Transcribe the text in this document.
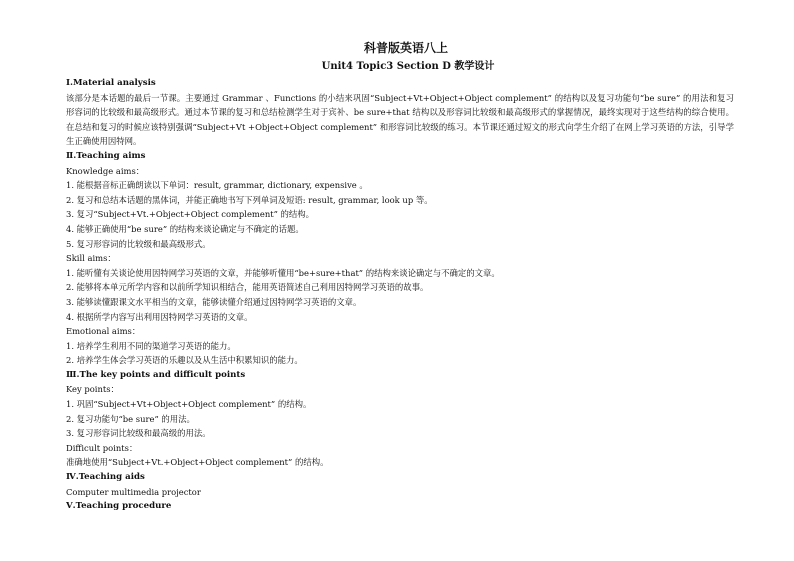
科普版英语八上
Unit4 Topic3 Section D 教学设计
Ⅰ.Material analysis
该部分是本话题的最后一节课。主要通过 Grammar 、Functions 的小结来巩固“Subject+Vt+Object+Object complement” 的结构以及复习功能句“be sure” 的用法和复习形容词的比较级和最高级形式。通过本节课的复习和总结检测学生对于宾补、be sure+that 结构以及形容词比较级和最高级形式的掌握情况，最终实现对于这些结构的综合使用。在总结和复习的时候应该特别强调“Subject+Vt +Object+Object complement” 和形容词比较级的练习。本节课还通过短文的形式向学生介绍了在网上学习英语的方法，引导学生正确使用因特网。
Ⅱ.Teaching aims
Knowledge aims：
1. 能根据音标正确朗读以下单词：result, grammar, dictionary, expensive 。
2. 复习和总结本话题的黑体词，并能正确地书写下列单词及短语: result, grammar, look up 等。
3. 复习“Subject+Vt.+Object+Object complement” 的结构。
4. 能够正确使用“be sure” 的结构来谈论确定与不确定的话题。
5. 复习形容词的比较级和最高级形式。
Skill aims：
1. 能听懂有关谈论使用因特网学习英语的文章，并能够听懂用“be+sure+that” 的结构来谈论确定与不确定的文章。
2. 能够将本单元所学内容和以前所学知识相结合，能用英语简述自己利用因特网学习英语的故事。
3. 能够读懂跟课文水平相当的文章，能够读懂介绍通过因特网学习英语的文章。
4. 根据所学内容写出利用因特网学习英语的文章。
Emotional aims：
1. 培养学生利用不同的渠道学习英语的能力。
2. 培养学生体会学习英语的乐趣以及从生活中积累知识的能力。
Ⅲ.The key points and difficult points
Key points：
1. 巩固“Subject+Vt+Object+Object complement” 的结构。
2. 复习功能句“be sure” 的用法。
3. 复习形容词比较级和最高级的用法。
Difficult points：
准确地使用“Subject+Vt.+Object+Object complement” 的结构。
Ⅳ.Teaching aids
Computer multimedia projector
Ⅴ.Teaching procedure
